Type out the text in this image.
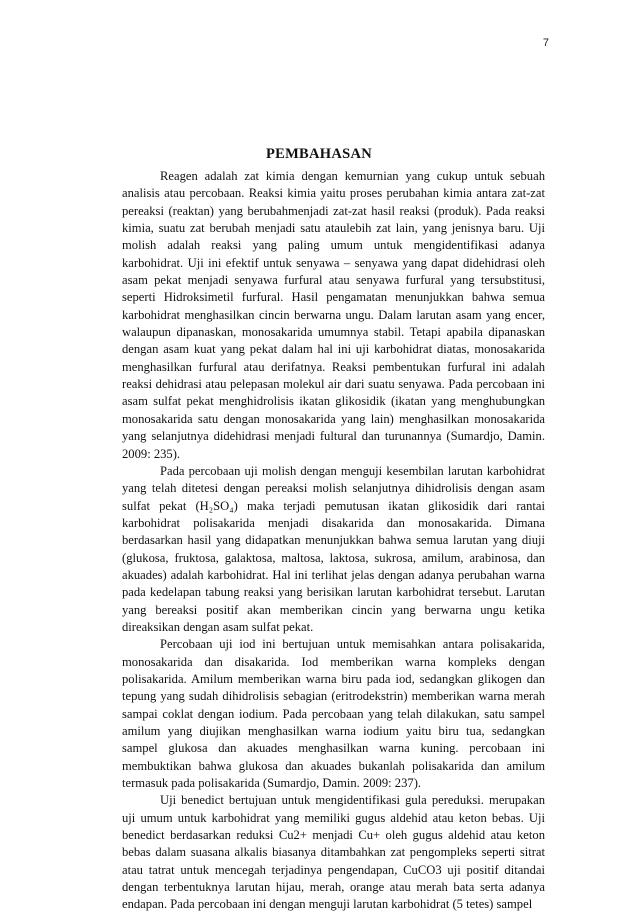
7
PEMBAHASAN

Reagen adalah zat kimia dengan kemurnian yang cukup untuk sebuah analisis atau percobaan. Reaksi kimia yaitu proses perubahan kimia antara zat-zat pereaksi (reaktan) yang berubahmenjadi zat-zat hasil reaksi (produk). Pada reaksi kimia, suatu zat berubah menjadi satu ataulebih zat lain, yang jenisnya baru. Uji molish adalah reaksi yang paling umum untuk mengidentifikasi adanya karbohidrat. Uji ini efektif untuk senyawa – senyawa yang dapat didehidrasi oleh asam pekat menjadi senyawa furfural atau senyawa furfural yang tersubstitusi, seperti Hidroksimetil furfural. Hasil pengamatan menunjukkan bahwa semua karbohidrat menghasilkan cincin berwarna ungu. Dalam larutan asam yang encer, walaupun dipanaskan, monosakarida umumnya stabil. Tetapi apabila dipanaskan dengan asam kuat yang pekat dalam hal ini uji karbohidrat diatas, monosakarida menghasilkan furfural atau derifatnya. Reaksi pembentukan furfural ini adalah reaksi dehidrasi atau pelepasan molekul air dari suatu senyawa. Pada percobaan ini asam sulfat pekat menghidrolisis ikatan glikosidik (ikatan yang menghubungkan monosakarida satu dengan monosakarida yang lain) menghasilkan monosakarida yang selanjutnya didehidrasi menjadi fultural dan turunannya (Sumardjo, Damin. 2009: 235).

Pada percobaan uji molish dengan menguji kesembilan larutan karbohidrat yang telah ditetesi dengan pereaksi molish selanjutnya dihidrolisis dengan asam sulfat pekat (H₂SO₄) maka terjadi pemutusan ikatan glikosidik dari rantai karbohidrat polisakarida menjadi disakarida dan monosakarida. Dimana berdasarkan hasil yang didapatkan menunjukkan bahwa semua larutan yang diuji (glukosa, fruktosa, galaktosa, maltosa, laktosa, sukrosa, amilum, arabinosa, dan akuades) adalah karbohidrat. Hal ini terlihat jelas dengan adanya perubahan warna pada kedelapan tabung reaksi yang berisikan larutan karbohidrat tersebut. Larutan yang bereaksi positif akan memberikan cincin yang berwarna ungu ketika direaksikan dengan asam sulfat pekat.

Percobaan uji iod ini bertujuan untuk memisahkan antara polisakarida, monosakarida dan disakarida. Iod memberikan warna kompleks dengan polisakarida. Amilum memberikan warna biru pada iod, sedangkan glikogen dan tepung yang sudah dihidrolisis sebagian (eritrodekstrin) memberikan warna merah sampai coklat dengan iodium. Pada percobaan yang telah dilakukan, satu sampel amilum yang diujikan menghasilkan warna iodium yaitu biru tua, sedangkan sampel glukosa dan akuades menghasilkan warna kuning. percobaan ini membuktikan bahwa glukosa dan akuades bukanlah polisakarida dan amilum termasuk pada polisakarida (Sumardjo, Damin. 2009: 237).

Uji benedict bertujuan untuk mengidentifikasi gula pereduksi. merupakan uji umum untuk karbohidrat yang memiliki gugus aldehid atau keton bebas. Uji benedict berdasarkan reduksi Cu2+ menjadi Cu+ oleh gugus aldehid atau keton bebas dalam suasana alkalis biasanya ditambahkan zat pengompleks seperti sitrat atau tatrat untuk mencegah terjadinya pengendapan, CuCO3 uji positif ditandai dengan terbentuknya larutan hijau, merah, orange atau merah bata serta adanya endapan. Pada percobaan ini dengan menguji larutan karbohidrat (5 tetes) sampel
